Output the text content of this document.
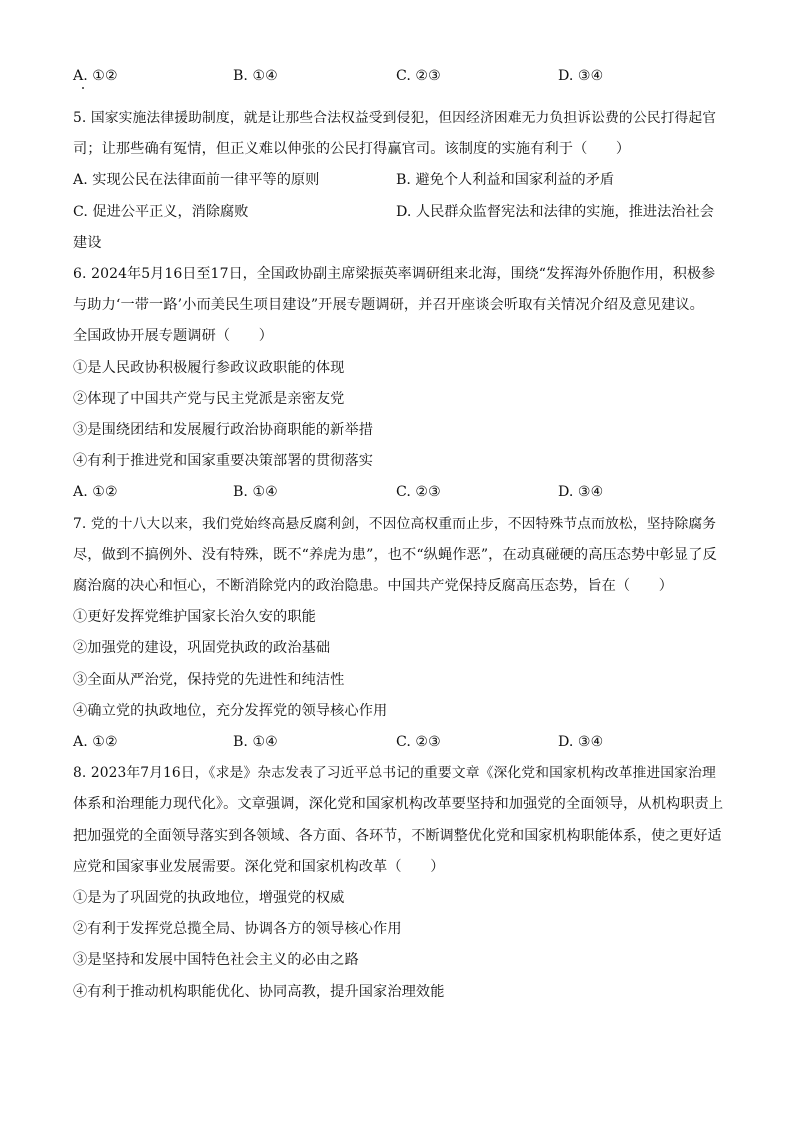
A. ①②	B. ①④	C. ②③	D. ③④
5. 国家实施法律援助制度，就是让那些合法权益受到侵犯，但因经济困难无力负担诉讼费的公民打得起官
司；让那些确有冤情，但正义难以伸张的公民打得赢官司。该制度的实施有利于（　　）
A. 实现公民在法律面前一律平等的原则	B. 避免个人利益和国家利益的矛盾
C. 促进公平正义，消除腐败	D. 人民群众监督宪法和法律的实施，推进法治社会
建设
6. 2024年5月16日至17日，全国政协副主席梁振英率调研组来北海，围绕“发挥海外侨胞作用，积极参
与助力‘一带一路’小而美民生项目建设”开展专题调研，并召开座谈会听取有关情况介绍及意见建议。
全国政协开展专题调研（　　）
①是人民政协积极履行参政议政职能的体现
②体现了中国共产党与民主党派是亲密友党
③是围绕团结和发展履行政治协商职能的新举措
④有利于推进党和国家重要决策部署的贯彻落实
A. ①②	B. ①④	C. ②③	D. ③④
7. 党的十八大以来，我们党始终高悬反腐利剑，不因位高权重而止步，不因特殊节点而放松，坚持除腐务
尽，做到不搞例外、没有特殊，既不“养虎为患”，也不“纵蝇作恶”，在动真碰硬的高压态势中彰显了反
腐治腐的决心和恒心，不断消除党内的政治隐患。中国共产党保持反腐高压态势，旨在（　　）
①更好发挥党维护国家长治久安的职能
②加强党的建设，巩固党执政的政治基础
③全面从严治党，保持党的先进性和纯洁性
④确立党的执政地位，充分发挥党的领导核心作用
A. ①②	B. ①④	C. ②③	D. ③④
8. 2023年7月16日，《求是》杂志发表了习近平总书记的重要文章《深化党和国家机构改革推进国家治理
体系和治理能力现代化》。文章强调，深化党和国家机构改革要坚持和加强党的全面领导，从机构职责上
把加强党的全面领导落实到各领域、各方面、各环节，不断调整优化党和国家机构职能体系，使之更好适
应党和国家事业发展需要。深化党和国家机构改革（　　）
①是为了巩固党的执政地位，增强党的权威
②有利于发挥党总揽全局、协调各方的领导核心作用
③是坚持和发展中国特色社会主义的必由之路
④有利于推动机构职能优化、协同高教，提升国家治理效能
